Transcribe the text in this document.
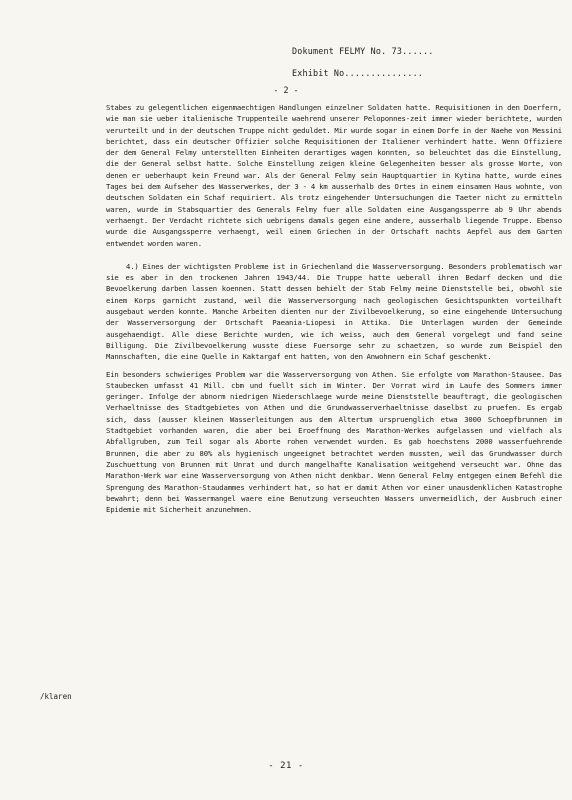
Dokument FELMY No. 73......
Exhibit No...............
- 2 -

Stabes zu gelegentlichen eigenmaechtigen Handlungen einzelner Soldaten hatte. Requisitionen in den Doerfern, wie man sie ueber italienische Truppenteile waehrend unserer Peloponnes-zeit immer wieder berichtete, wurden verurteilt und in der deutschen Truppe nicht geduldet. Mir wurde sogar in einem Dorfe in der Naehe von Messini berichtet, dass ein deutscher Offizier solche Requisitionen der Italiener verhindert hatte. Wenn Offiziere der dem General Felmy unterstellten Einheiten derartiges wagen konnten, so beleuchtet das die Einstellung, die der General selbst hatte. Solche Einstellung zeigen kleine Gelegenheiten besser als grosse Worte, von denen er ueberhaupt kein Freund war. Als der General Felmy sein Hauptquartier in Kytina hatte, wurde eines Tages bei dem Aufseher des Wasserwerkes, der 3 - 4 km ausserhalb des Ortes in einem einsamen Haus wohnte, von deutschen Soldaten ein Schaf requiriert. Als trotz eingehender Untersuchungen die Taeter nicht zu ermitteln waren, wurde im Stabsquartier des Generals Felmy fuer alle Soldaten eine Ausgangssperre ab 9 Uhr abends verhaengt. Der Verdacht richtete sich uebrigens damals gegen eine andere, ausserhalb liegende Truppe. Ebenso wurde die Ausgangssperre verhaengt, weil einem Griechen in der Ortschaft nachts Aepfel aus dem Garten entwendet worden waren.

4.) Eines der wichtigsten Probleme ist in Griechenland die Wasserversorgung. Besonders problematisch war sie es aber in den trockenen Jahren 1943/44. Die Truppe hatte ueberall ihren Bedarf decken und die Bevoelkerung darben lassen koennen. Statt dessen behielt der Stab Felmy meine Dienststelle bei, obwohl sie einem Korps garnicht zustand, weil die Wasserversorgung nach geologischen Gesichtspunkten vorteilhaft ausgebaut werden konnte. Manche Arbeiten dienten nur der Zivilbevoelkerung, so eine eingehende Untersuchung der Wasserversorgung der Ortschaft Paeania-Liopesi in Attika. Die Unterlagen wurden der Gemeinde ausgehaendigt. Alle diese Berichte wurden, wie ich weiss, auch dem General vorgelegt und fand seine Billigung. Die Zivilbevoelkerung wusste diese Fuersorge sehr zu schaetzen, so wurde zum Beispiel den Mannschaften, die eine Quelle in Kaktargaf ent hatten, von den Anwohnern ein Schaf geschenkt.

Ein besonders schwieriges Problem war die Wasserversorgung von Athen. Sie erfolgte vom Marathon-Stausee. Das Staubecken umfasst 41 Mill. cbm und fuellt sich im Winter. Der Vorrat wird im Laufe des Sommers immer geringer. Infolge der abnorm niedrigen Niederschlaege wurde meine Dienststelle beauftragt, die geologischen Verhaeltnisse des Stadtgebietes von Athen und die Grundwasserverhaeltnisse daselbst zu pruefen. Es ergab sich, dass (ausser kleinen Wasserleitungen aus dem Altertum urspruenglich etwa 3000 Schoepfbrunnen im Stadtgebiet vorhanden waren, die aber bei Eroeffnung des Marathon-Werkes aufgelassen und vielfach als Abfallgruben, zum Teil sogar als Aborte rohen verwendet wurden. Es gab hoechstens 2000 wasserfuehrende Brunnen, die aber zu 80% als hygienisch ungeeignet betrachtet werden mussten, weil das Grundwasser durch Zuschuettung von Brunnen mit Unrat und durch mangelhafte Kanalisation weitgehend verseucht war. Ohne das Marathon-Werk war eine Wasserversorgung von Athen nicht denkbar. Wenn General Felmy entgegen einem Befehl die Sprengung des Marathon-Staudammes verhindert hat, so hat er damit Athen vor einer unausdenklichen Katastrophe bewahrt; denn bei Wassermangel waere eine Benutzung verseuchten Wassers unvermeidlich, der Ausbruch einer Epidemie mit Sicherheit anzunehmen.

/klaren
- 21 -
